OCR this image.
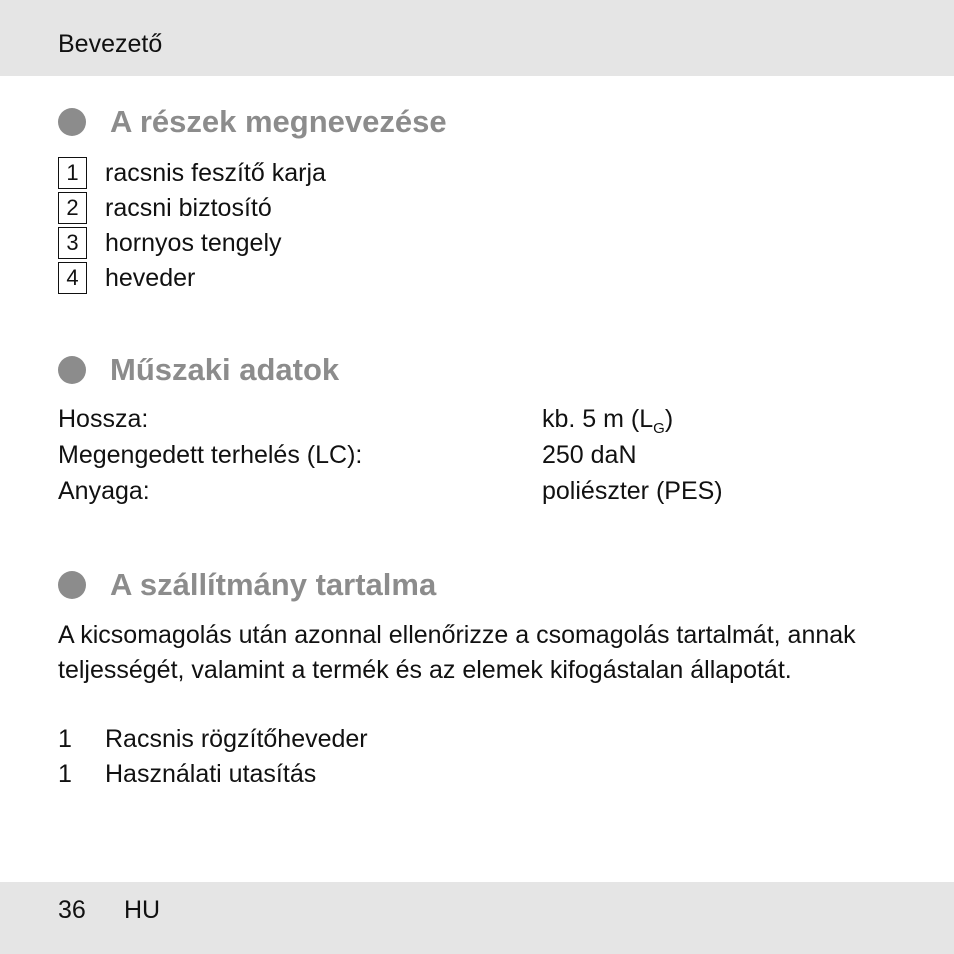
Bevezető
A részek megnevezése
1	racsnis feszítő karja
2	racsni biztosító
3	hornyos tengely
4	heveder
Műszaki adatok
Hossza:	kb. 5 m $(L_G)$
Megengedett terhelés (LC):	250 daN
Anyaga:	poliészter (PES)
A szállítmány tartalma
A kicsomagolás után azonnal ellenőrizze a csomagolás tartalmát, annak teljességét, valamint a termék és az elemek kifogástalan állapotát.
1 Racsnis rögzítőheveder
1 Használati utasítás
36 HU
